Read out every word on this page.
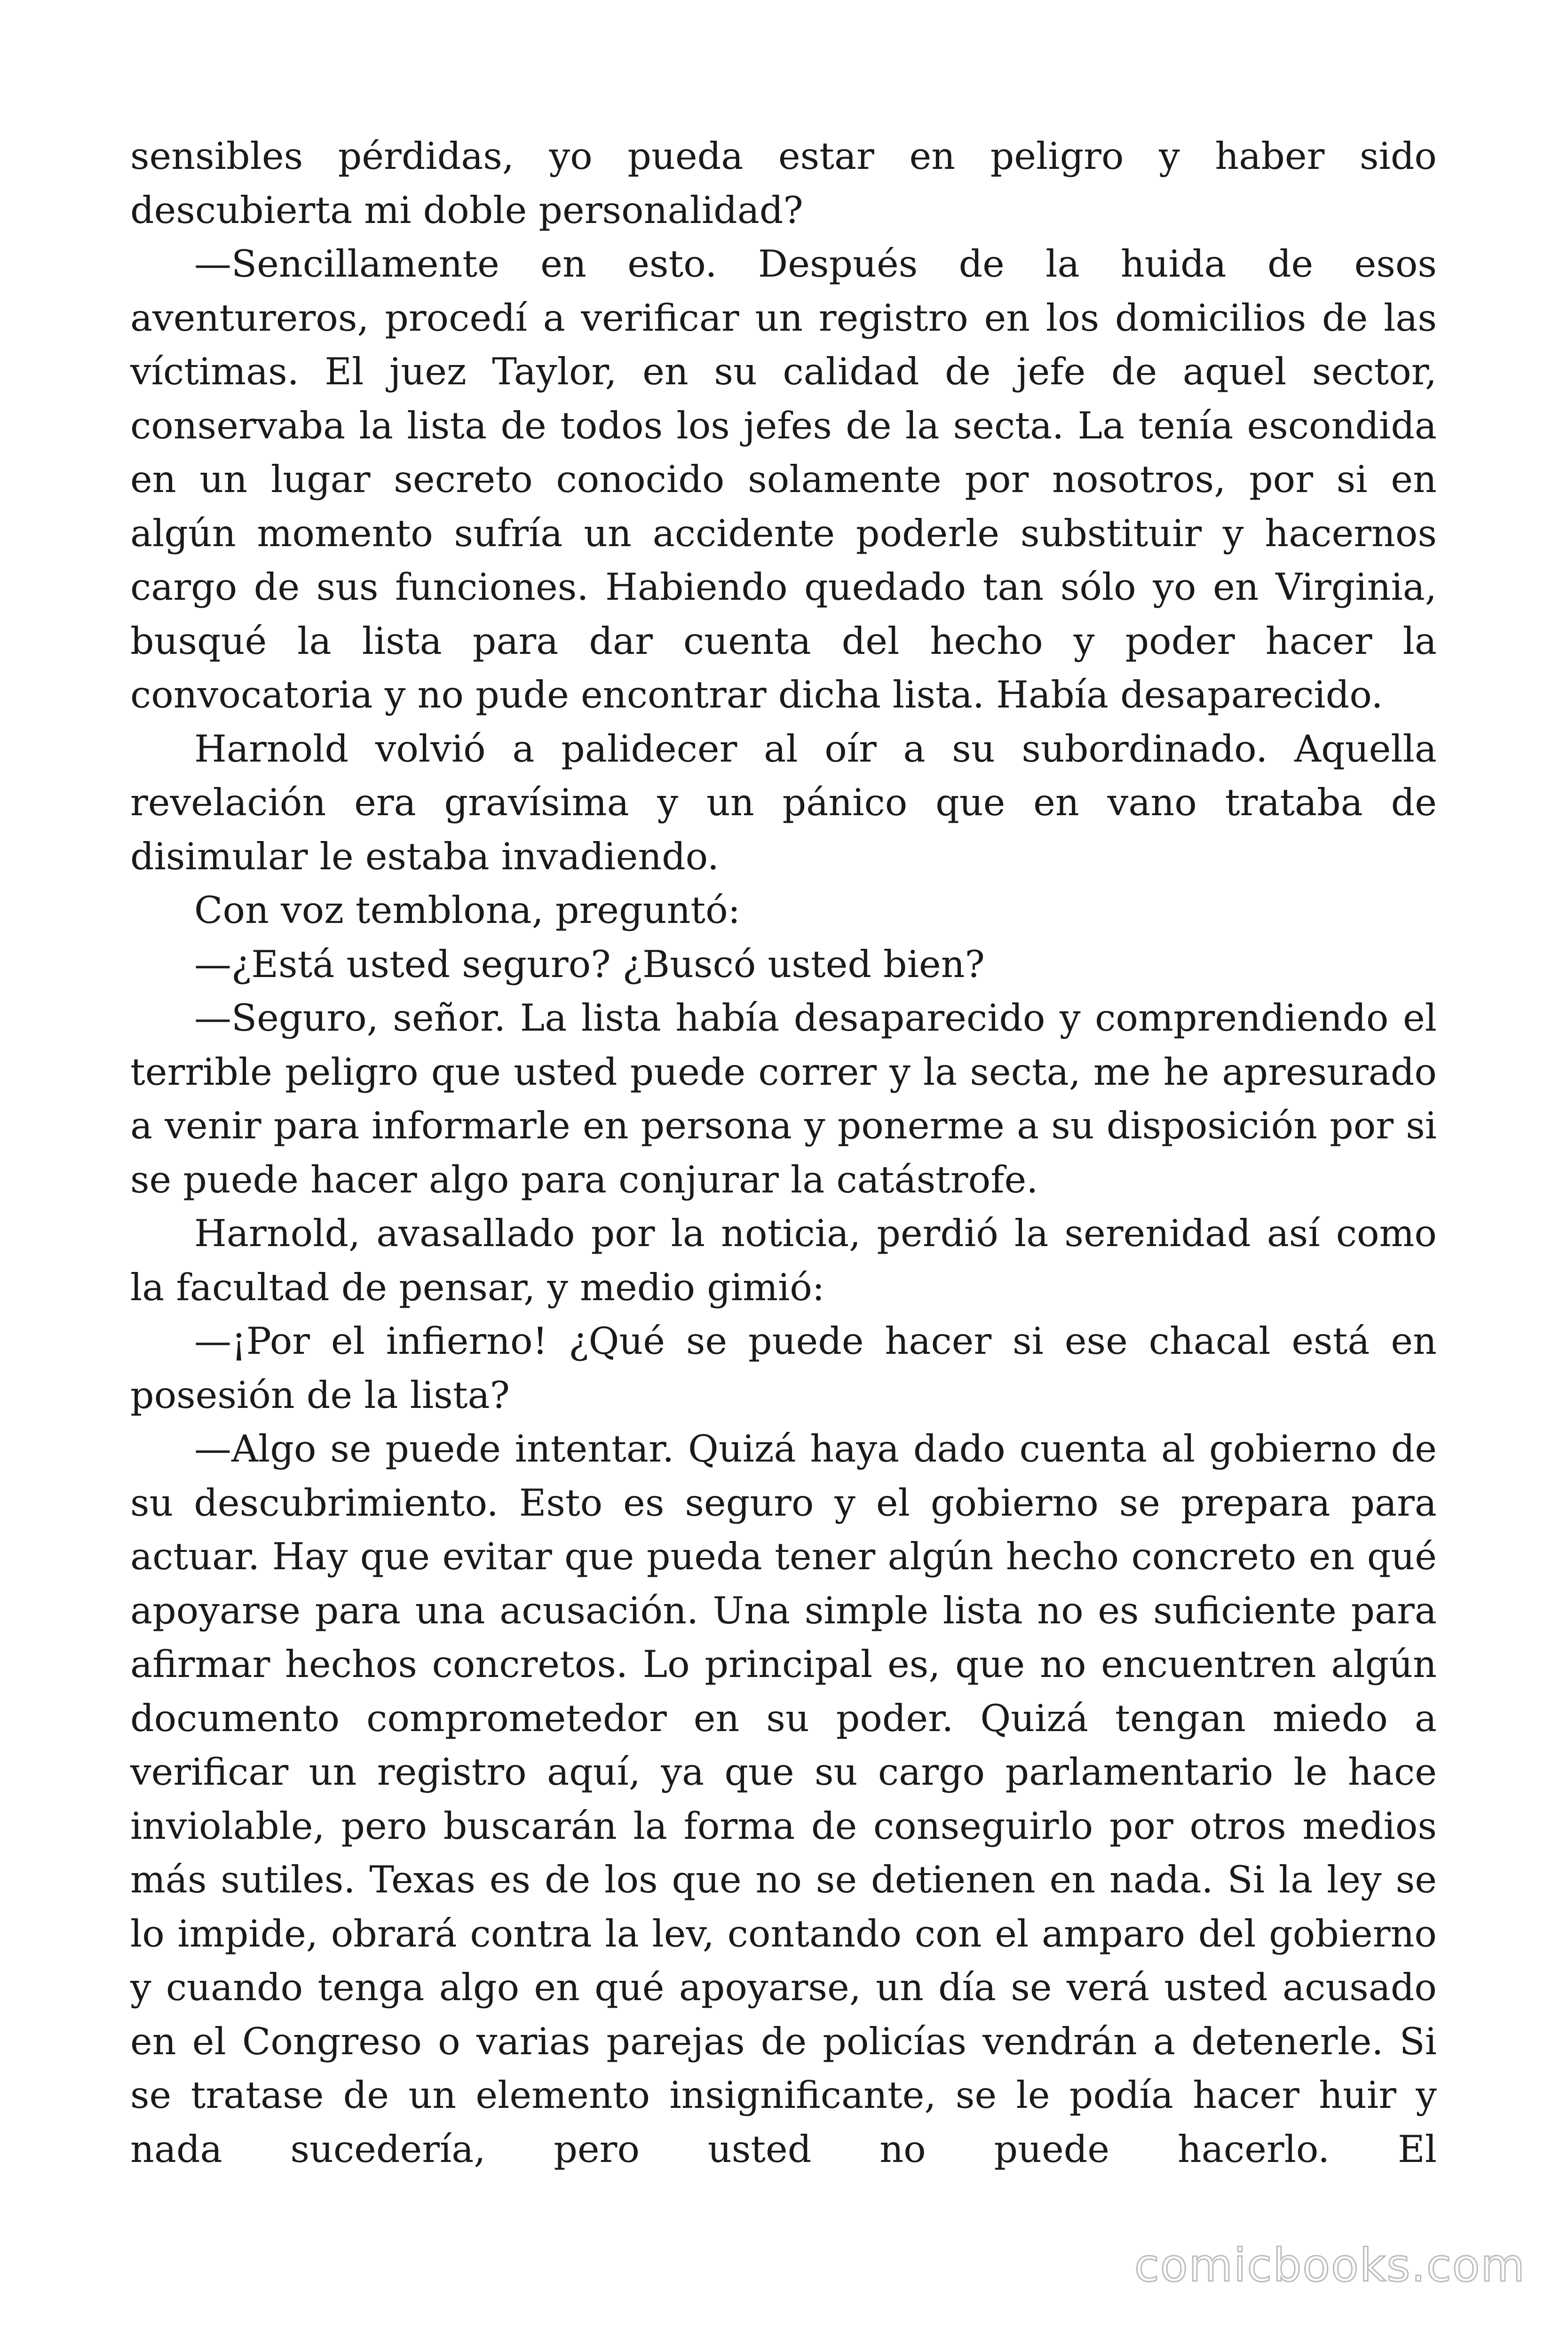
sensibles pérdidas, yo pueda estar en peligro y haber sido descubierta mi doble personalidad?

—Sencillamente en esto. Después de la huida de esos aventureros, procedí a verificar un registro en los domicilios de las víctimas. El juez Taylor, en su calidad de jefe de aquel sector, conservaba la lista de todos los jefes de la secta. La tenía escondida en un lugar secreto conocido solamente por nosotros, por si en algún momento sufría un accidente poderle substituir y hacernos cargo de sus funciones. Habiendo quedado tan sólo yo en Virginia, busqué la lista para dar cuenta del hecho y poder hacer la convocatoria y no pude encontrar dicha lista. Había desaparecido.

Harnold volvió a palidecer al oír a su subordinado. Aquella revelación era gravísima y un pánico que en vano trataba de disimular le estaba invadiendo.

Con voz temblona, preguntó:

—¿Está usted seguro? ¿Buscó usted bien?

—Seguro, señor. La lista había desaparecido y comprendiendo el terrible peligro que usted puede correr y la secta, me he apresurado a venir para informarle en persona y ponerme a su disposición por si se puede hacer algo para conjurar la catástrofe.

Harnold, avasallado por la noticia, perdió la serenidad así como la facultad de pensar, y medio gimió:

—¡Por el infierno! ¿Qué se puede hacer si ese chacal está en posesión de la lista?

—Algo se puede intentar. Quizá haya dado cuenta al gobierno de su descubrimiento. Esto es seguro y el gobierno se prepara para actuar. Hay que evitar que pueda tener algún hecho concreto en qué apoyarse para una acusación. Una simple lista no es suficiente para afirmar hechos concretos. Lo principal es, que no encuentren algún documento comprometedor en su poder. Quizá tengan miedo a verificar un registro aquí, ya que su cargo parlamentario le hace inviolable, pero buscarán la forma de conseguirlo por otros medios más sutiles. Texas es de los que no se detienen en nada. Si la ley se lo impide, obrará contra la lev, contando con el amparo del gobierno y cuando tenga algo en qué apoyarse, un día se verá usted acusado en el Congreso o varias parejas de policías vendrán a detenerle. Si se tratase de un elemento insignificante, se le podía hacer huir y nada sucedería, pero usted no puede hacerlo. El

comicbooks.com
